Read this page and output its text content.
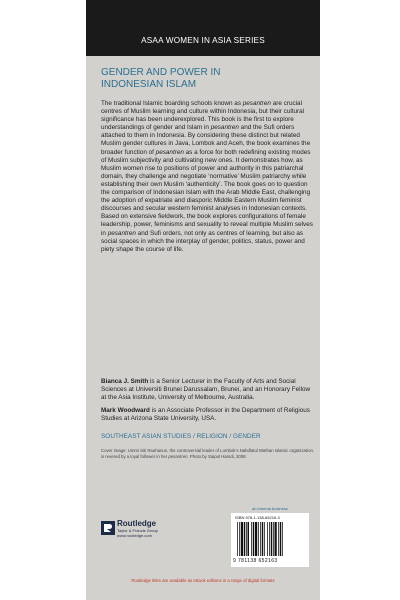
ASAA WOMEN IN ASIA SERIES
GENDER AND POWER IN
INDONESIAN ISLAM

The traditional Islamic boarding schools known as pesantren are crucial centres of Muslim learning and culture within Indonesia, but their cultural significance has been underexplored. This book is the first to explore understandings of gender and Islam in pesantren and the Sufi orders attached to them in Indonesia. By considering these distinct but related Muslim gender cultures in Java, Lombok and Aceh, the book examines the broader function of pesantren as a force for both redefining existing modes of Muslim subjectivity and cultivating new ones. It demonstrates how, as Muslim women rise to positions of power and authority in this patriarchal domain, they challenge and negotiate ‘normative’ Muslim patriarchy while establishing their own Muslim ‘authenticity’. The book goes on to question the comparison of Indonesian Islam with the Arab Middle East, challenging the adoption of expatriate and diasporic Middle Eastern Muslim feminist discourses and secular western feminist analyses in Indonesian contexts. Based on extensive fieldwork, the book explores configurations of female leadership, power, feminisms and sexuality to reveal multiple Muslim selves in pesantren and Sufi orders, not only as centres of learning, but also as social spaces in which the interplay of gender, politics, status, power and piety shape the course of life.

Bianca J. Smith is a Senior Lecturer in the Faculty of Arts and Social Sciences at Universiti Brunei Darussalam, Brunei, and an Honorary Fellow at the Asia Institute, University of Melbourne, Australia.
Mark Woodward is an Associate Professor in the Department of Religious Studies at Arizona State University, USA.
SOUTHEAST ASIAN STUDIES / RELIGION / GENDER
Cover image: Ummi Siti Raohanun, the controversial leader of Lombok’s Nahdlatul Wathan Islamic organization, is revered by a loyal follower in her pesantren. Photo by Saipul Hamdi, 2008.
Routledge
Taylor & Francis Group
www.routledge.com
an informa business
ISBN 978-1-138-65216-3
9 781138 652163
Routledge titles are available as eBook editions in a range of digital formats
